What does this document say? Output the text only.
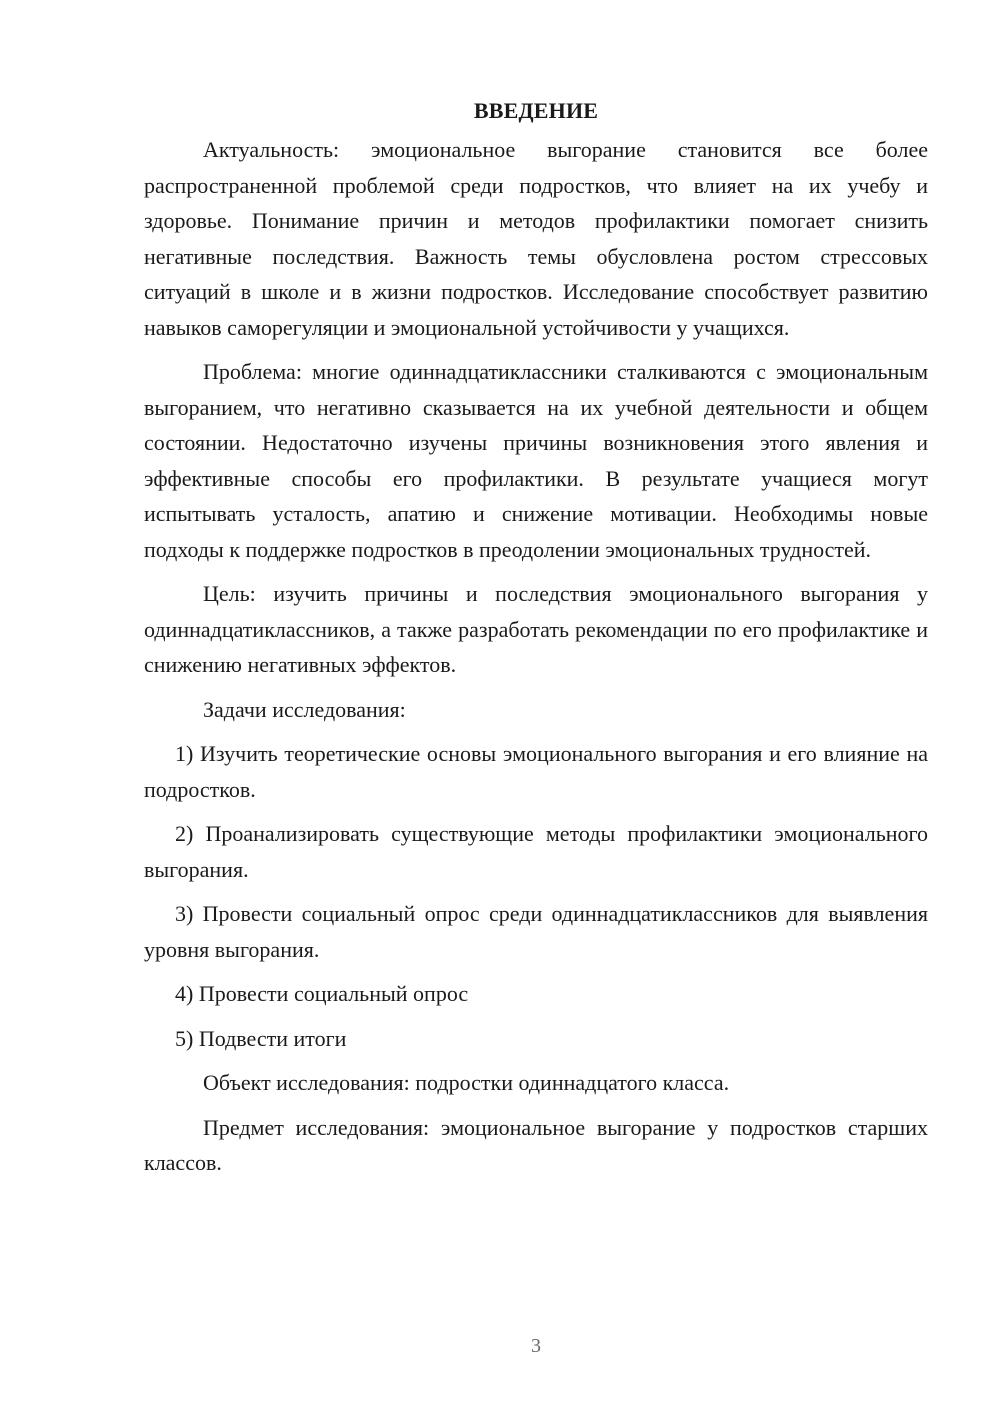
ВВЕДЕНИЕ

Актуальность: эмоциональное выгорание становится все более распространенной проблемой среди подростков, что влияет на их учебу и здоровье. Понимание причин и методов профилактики помогает снизить негативные последствия. Важность темы обусловлена ростом стрессовых ситуаций в школе и в жизни подростков. Исследование способствует развитию навыков саморегуляции и эмоциональной устойчивости у учащихся.

Проблема: многие одиннадцатиклассники сталкиваются с эмоциональным выгоранием, что негативно сказывается на их учебной деятельности и общем состоянии. Недостаточно изучены причины возникновения этого явления и эффективные способы его профилактики. В результате учащиеся могут испытывать усталость, апатию и снижение мотивации. Необходимы новые подходы к поддержке подростков в преодолении эмоциональных трудностей.

Цель: изучить причины и последствия эмоционального выгорания у одиннадцатиклассников, а также разработать рекомендации по его профилактике и снижению негативных эффектов.

Задачи исследования:

1) Изучить теоретические основы эмоционального выгорания и его влияние на подростков.

2) Проанализировать существующие методы профилактики эмоционального выгорания.

3) Провести социальный опрос среди одиннадцатиклассников для выявления уровня выгорания.

4) Провести социальный опрос

5) Подвести итоги

Объект исследования: подростки одиннадцатого класса.

Предмет исследования: эмоциональное выгорание у подростков старших классов.

3
